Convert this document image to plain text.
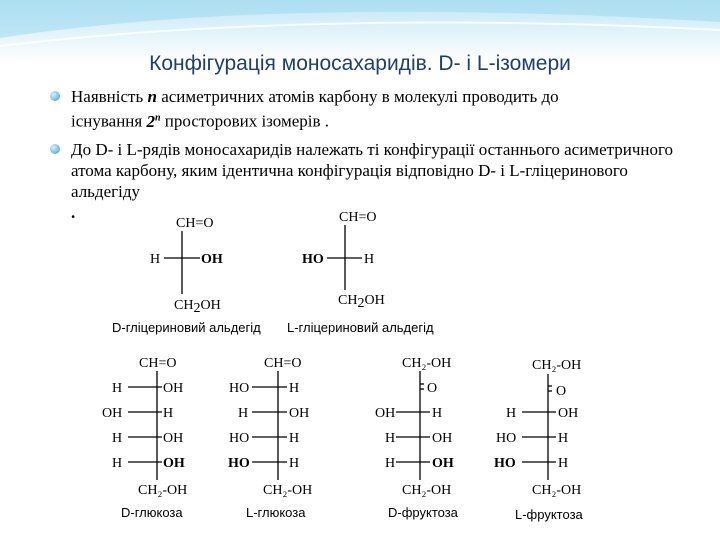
Конфігурація моносахаридів. D- і L-ізомери
Наявність n асиметричних атомів карбону в молекулі проводить до
існування 2$^n$ просторових ізомерів .
До D- і L-рядів моносахаридів належать ті конфігурації останнього асиметричного атома карбону, яким ідентична конфігурація відповідно D- і L-гліцеринового альдегіду
.
CH=O
H	OH
CH2OH
D-гліцериновий альдегід
CH=O
HO	H
CH2OH
L-гліцериновий альдегід
CH=O
H	OH
OH	H
H	OH
H	OH
CH₂-OH
D-глюкоза
CH=O
HO	H
H	OH
HO	H
HO	H
CH₂-OH
L-глюкоза
CH₂-OH
O
OH	H
H	OH
H	OH
CH₂-OH
D-фруктоза
CH₂-OH
O
H	OH
HO	H
HO	H
CH₂-OH
L-фруктоза
